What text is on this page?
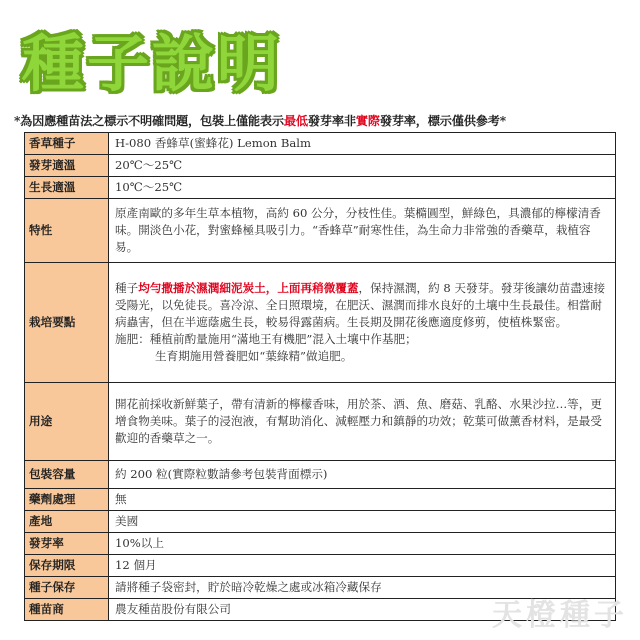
種子說明
*為因應種苗法之標示不明確問題，包裝上僅能表示最低發芽率非實際發芽率，標示僅供參考*
香草種子	H-080 香蜂草(蜜蜂花) Lemon Balm
發芽適溫	20℃～25℃
生長適溫	10℃～25℃
特性	原產南歐的多年生草本植物，高約 60 公分，分枝性佳。葉橢圓型，鮮綠色，具濃郁的檸檬清香味。開淡色小花，對蜜蜂極具吸引力。“香蜂草”耐寒性佳，為生命力非常強的香藥草，栽植容易。
栽培要點	種子均勻撒播於濕潤細泥炭土，上面再稍微覆蓋，保持濕潤，約 8 天發芽。發芽後讓幼苗盡速接受陽光，以免徒長。喜冷涼、全日照環境，在肥沃、濕潤而排水良好的土壤中生長最佳。相當耐病蟲害，但在半遮蔭處生長，較易得露菌病。生長期及開花後應適度修剪，使植株緊密。

施肥：種植前酌量施用“滿地王有機肥”混入土壤中作基肥；

生育期施用營養肥如“葉綠精”做追肥。

用途	開花前採收新鮮葉子，帶有清新的檸檬香味，用於茶、酒、魚、磨菇、乳酪、水果沙拉…等，更增食物美味。葉子的浸泡液，有幫助消化、減輕壓力和鎮靜的功效；乾葉可做薰香材料，是最受歡迎的香藥草之一。
包裝容量	約 200 粒(實際粒數請參考包裝背面標示)
藥劑處理	無
產地	美國
發芽率	10%以上
保存期限	12 個月
種子保存	請將種子袋密封，貯於暗冷乾燥之處或冰箱冷藏保存
種苗商	農友種苗股份有限公司	天橙種子
